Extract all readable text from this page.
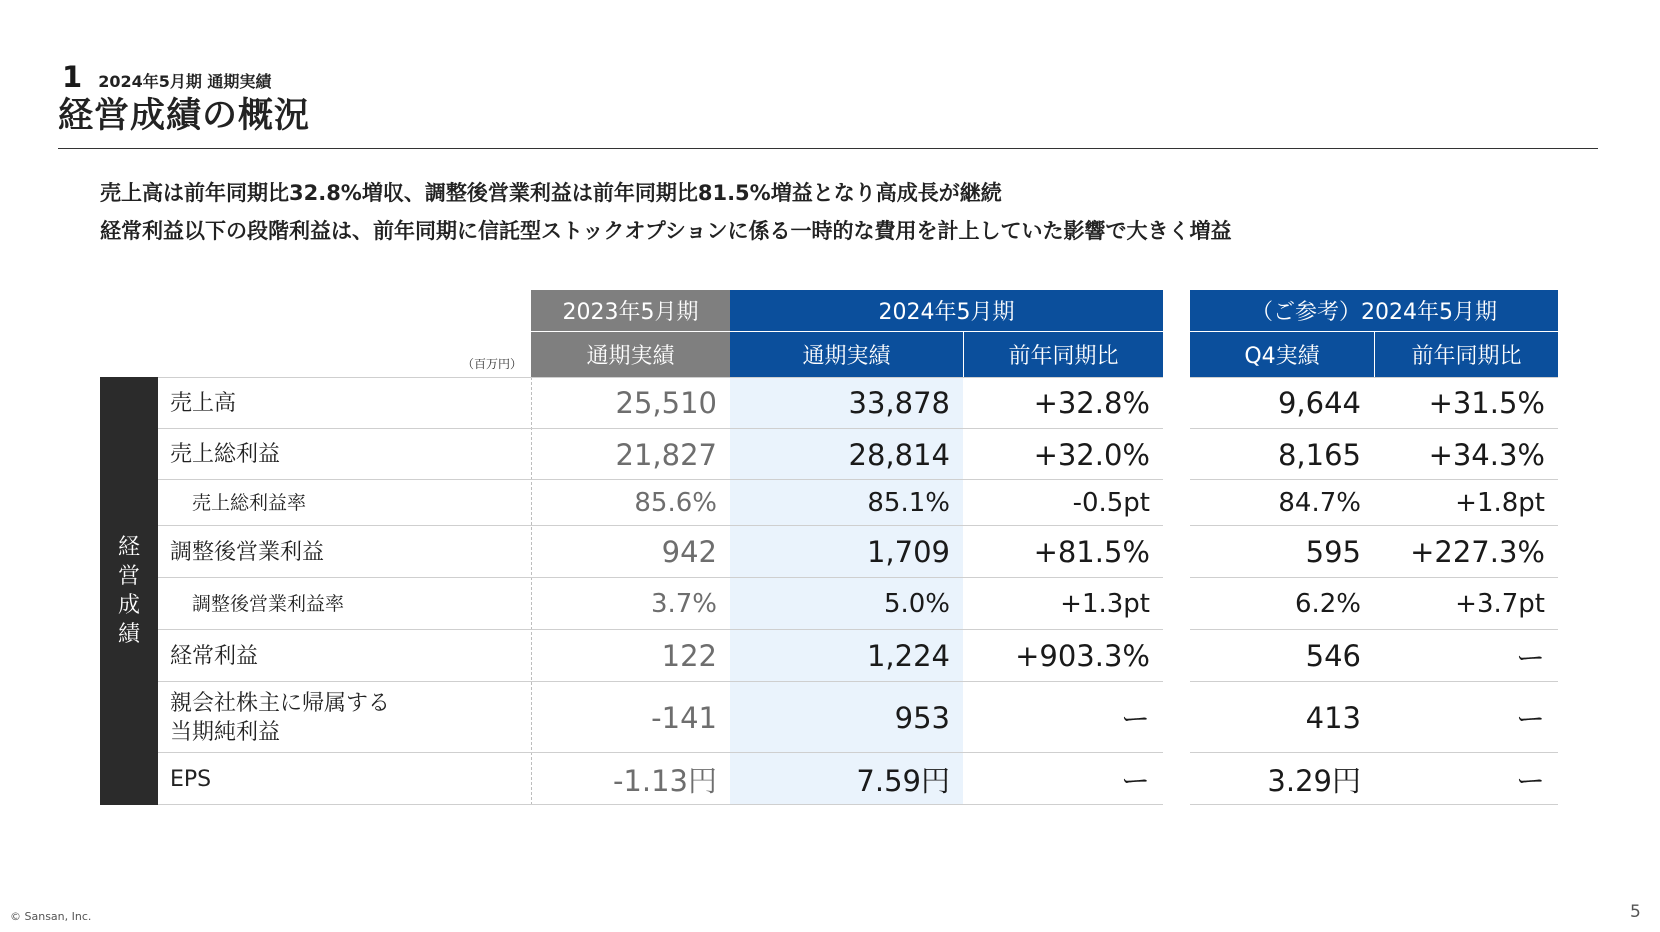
1 2024年5月期 通期実績
経営成績の概況
売上高は前年同期比32.8%増収、調整後営業利益は前年同期比81.5%増益となり高成長が継続
経常利益以下の段階利益は、前年同期に信託型ストックオプションに係る一時的な費用を計上していた影響で大きく増益
2023年5月期
通期実績
2024年5月期
通期実績	前年同期比
（ご参考）2024年5月期
Q4実績	前年同期比
（百万円）
経
営
成
績
売上高	25,510	33,878	+32.8%	9,644	+31.5%
売上総利益	21,827	28,814	+32.0%	8,165	+34.3%
売上総利益率	85.6%	85.1%	-0.5pt	84.7%	+1.8pt
調整後営業利益	942	1,709	+81.5%	595	+227.3%
調整後営業利益率	3.7%	5.0%	+1.3pt	6.2%	+3.7pt
経常利益	122	1,224	+903.3%	546	ー
親会社株主に帰属する
当期純利益	-141	953	ー	413	ー
EPS	-1.13円	7.59円	ー	3.29円	ー
© Sansan, Inc.	5
